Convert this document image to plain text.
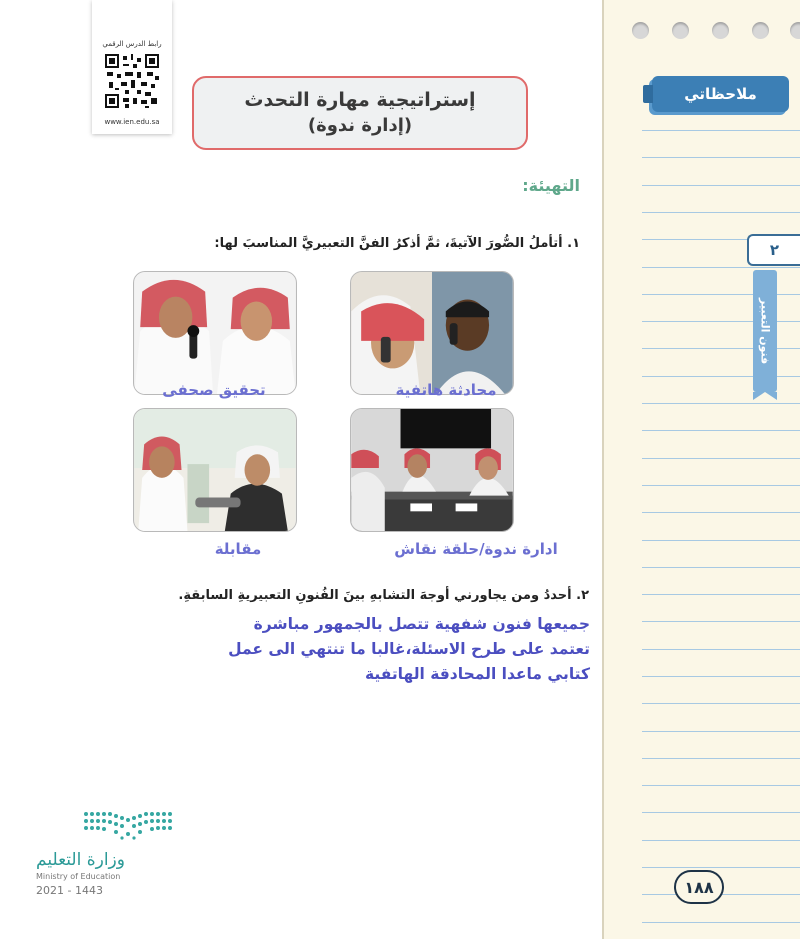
ملاحظاتي
٢
فنون التعبير
١٨٨
رابط الدرس الرقمي
www.ien.edu.sa
إستراتيجية مهارة التحدث
(إدارة ندوة)
التهيئة:
١. أتأملُ الصُّورَ الآتيةَ، ثمَّ أذكرُ الفنَّ التعبيريَّ المناسبَ لها:
محادثة هاتفية
تحقيق صحفى
ادارة ندوة/حلقة نقاش
مقابلة
٢. أحددُ ومن يجاورني أوجهَ التشابهِ بينَ الفُنونِ التعبيريةِ السابقةِ.
جميعها فنون شفهية تتصل بالجمهور مباشرة
تعتمد على طرح الاسئلة،غالبا ما تنتهي الى عمل
كتابي ماعدا المحادقة الهاتفية
وزارة التعليم
Ministry of Education
2021 - 1443
